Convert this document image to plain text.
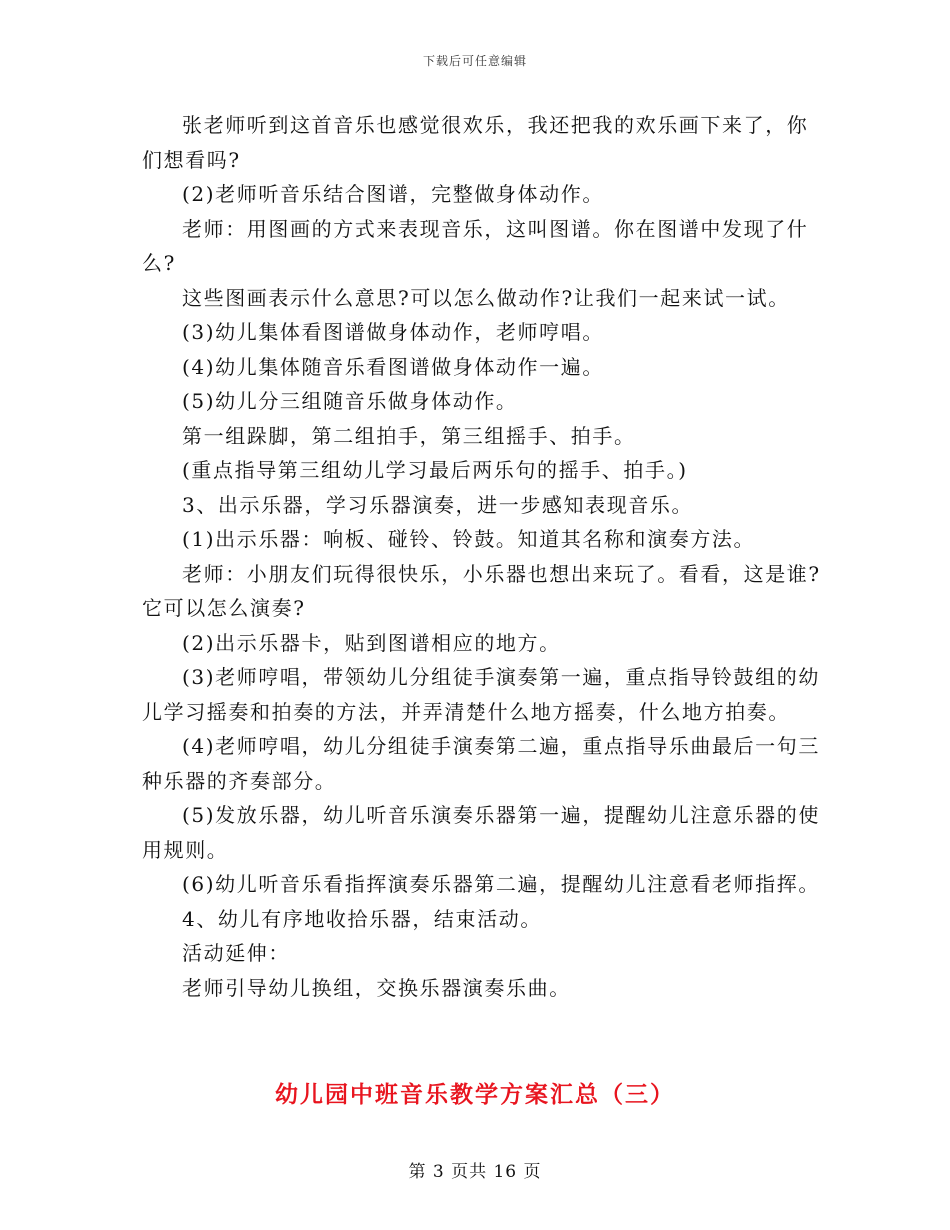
下载后可任意编辑

张老师听到这首音乐也感觉很欢乐，我还把我的欢乐画下来了，你们想看吗?

(2)老师听音乐结合图谱，完整做身体动作。

老师：用图画的方式来表现音乐，这叫图谱。你在图谱中发现了什么?

这些图画表示什么意思?可以怎么做动作?让我们一起来试一试。

(3)幼儿集体看图谱做身体动作，老师哼唱。

(4)幼儿集体随音乐看图谱做身体动作一遍。

(5)幼儿分三组随音乐做身体动作。

第一组跺脚，第二组拍手，第三组摇手、拍手。

(重点指导第三组幼儿学习最后两乐句的摇手、拍手。)

3、出示乐器，学习乐器演奏，进一步感知表现音乐。

(1)出示乐器：响板、碰铃、铃鼓。知道其名称和演奏方法。

老师：小朋友们玩得很快乐，小乐器也想出来玩了。看看，这是谁?它可以怎么演奏?

(2)出示乐器卡，贴到图谱相应的地方。

(3)老师哼唱，带领幼儿分组徒手演奏第一遍，重点指导铃鼓组的幼儿学习摇奏和拍奏的方法，并弄清楚什么地方摇奏，什么地方拍奏。

(4)老师哼唱，幼儿分组徒手演奏第二遍，重点指导乐曲最后一句三种乐器的齐奏部分。

(5)发放乐器，幼儿听音乐演奏乐器第一遍，提醒幼儿注意乐器的使用规则。

(6)幼儿听音乐看指挥演奏乐器第二遍，提醒幼儿注意看老师指挥。

4、幼儿有序地收拾乐器，结束活动。

活动延伸：

老师引导幼儿换组，交换乐器演奏乐曲。

幼儿园中班音乐教学方案汇总（三）
第 3 页共 16 页
